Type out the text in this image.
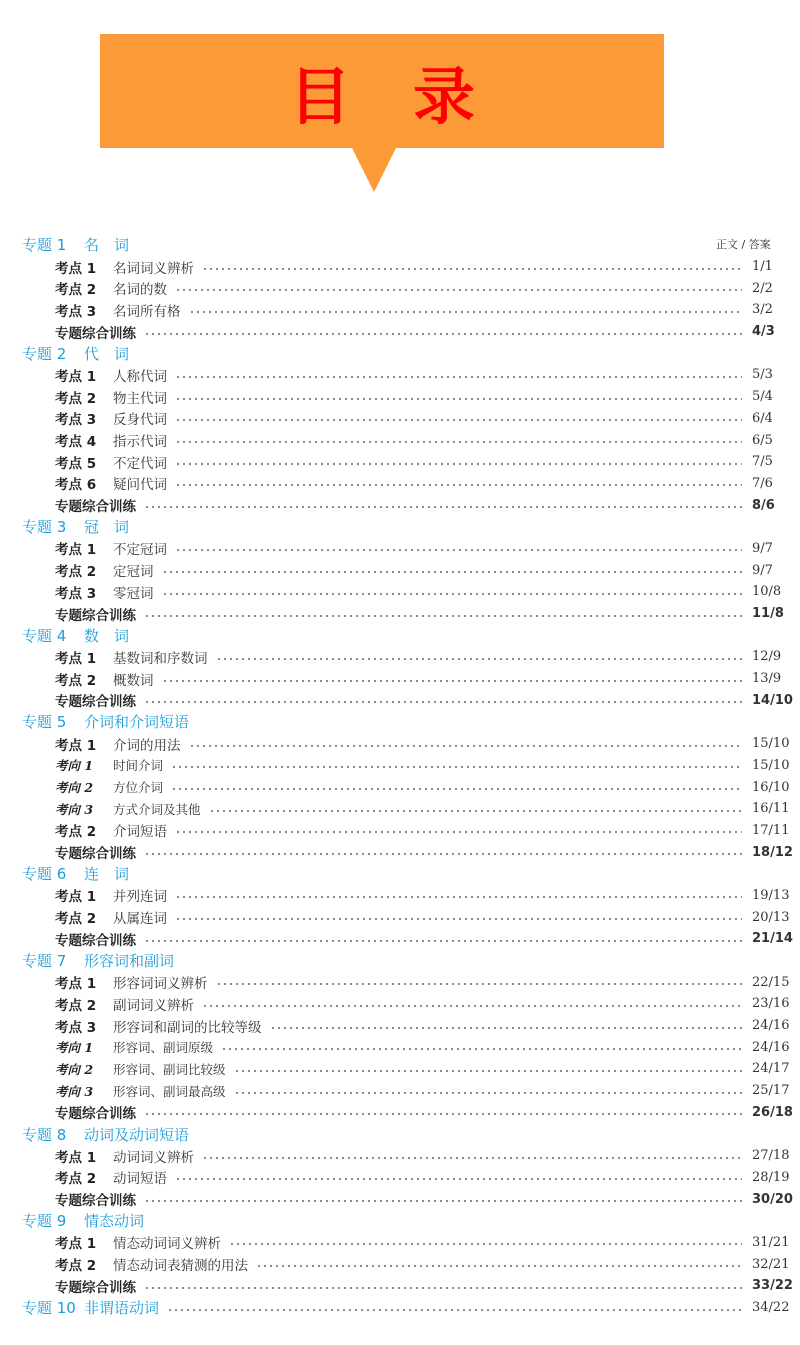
目　录
正文 / 答案
专题 1	名　词
考点 1	名词词义辨析	1/1
考点 2	名词的数	2/2
考点 3	名词所有格	3/2
专题综合训练	4/3
专题 2	代　词
考点 1	人称代词	5/3
考点 2	物主代词	5/4
考点 3	反身代词	6/4
考点 4	指示代词	6/5
考点 5	不定代词	7/5
考点 6	疑问代词	7/6
专题综合训练	8/6
专题 3	冠　词
考点 1	不定冠词	9/7
考点 2	定冠词	9/7
考点 3	零冠词	10/8
专题综合训练	11/8
专题 4	数　词
考点 1	基数词和序数词	12/9
考点 2	概数词	13/9
专题综合训练	14/10
专题 5	介词和介词短语
考点 1	介词的用法	15/10
考向 1	时间介词	15/10
考向 2	方位介词	16/10
考向 3	方式介词及其他	16/11
考点 2	介词短语	17/11
专题综合训练	18/12
专题 6	连　词
考点 1	并列连词	19/13
考点 2	从属连词	20/13
专题综合训练	21/14
专题 7	形容词和副词
考点 1	形容词词义辨析	22/15
考点 2	副词词义辨析	23/16
考点 3	形容词和副词的比较等级	24/16
考向 1	形容词、副词原级	24/16
考向 2	形容词、副词比较级	24/17
考向 3	形容词、副词最高级	25/17
专题综合训练	26/18
专题 8	动词及动词短语
考点 1	动词词义辨析	27/18
考点 2	动词短语	28/19
专题综合训练	30/20
专题 9	情态动词
考点 1	情态动词词义辨析	31/21
考点 2	情态动词表猜测的用法	32/21
专题综合训练	33/22
专题 10 非谓语动词	34/22
